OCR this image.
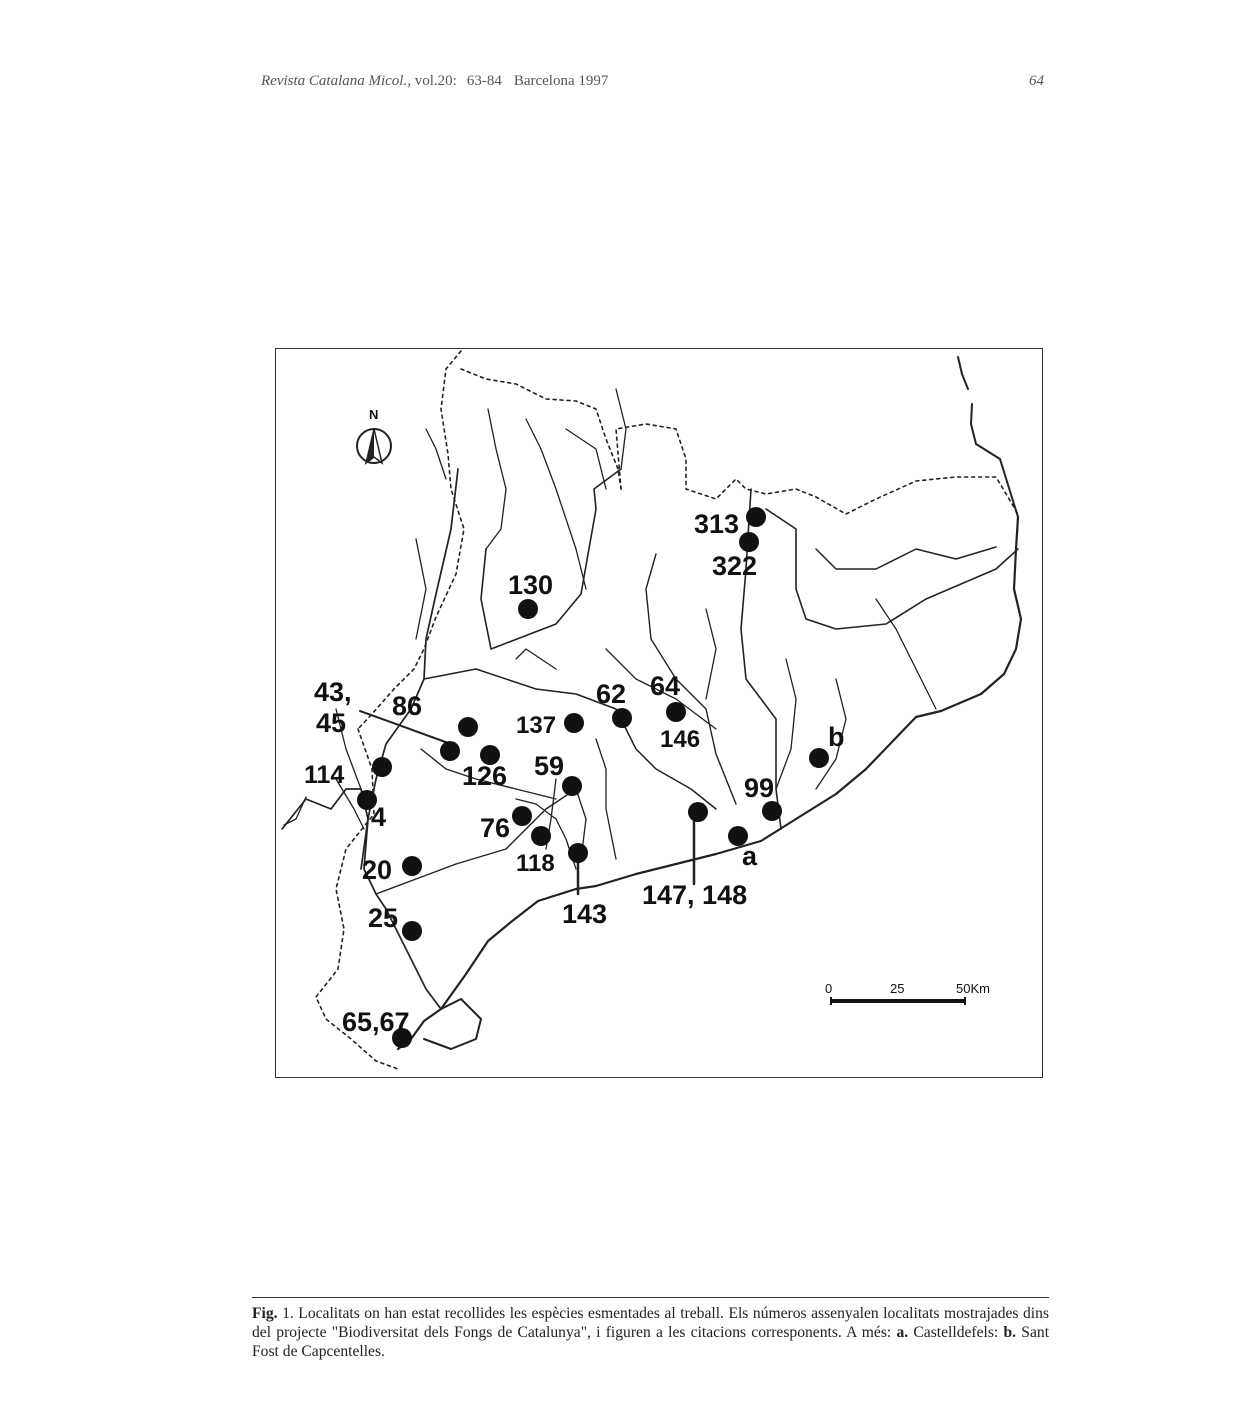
Revista Catalana Micol., vol.20: 63-84 Barcelona 1997	64
N
313
322
130
43,
45
86
137
62 64
146	b
114	126 59
99
4	76
118	a
20
147, 148
143
25
65,67
0	25	50Km
Fig. 1. Localitats on han estat recollides les espècies esmentades al treball. Els números assenyalen localitats mostrajades dins del projecte "Biodiversitat dels Fongs de Catalunya", i figuren a les citacions corresponents. A més: a. Castelldefels: b. Sant Fost de Capcentelles.
